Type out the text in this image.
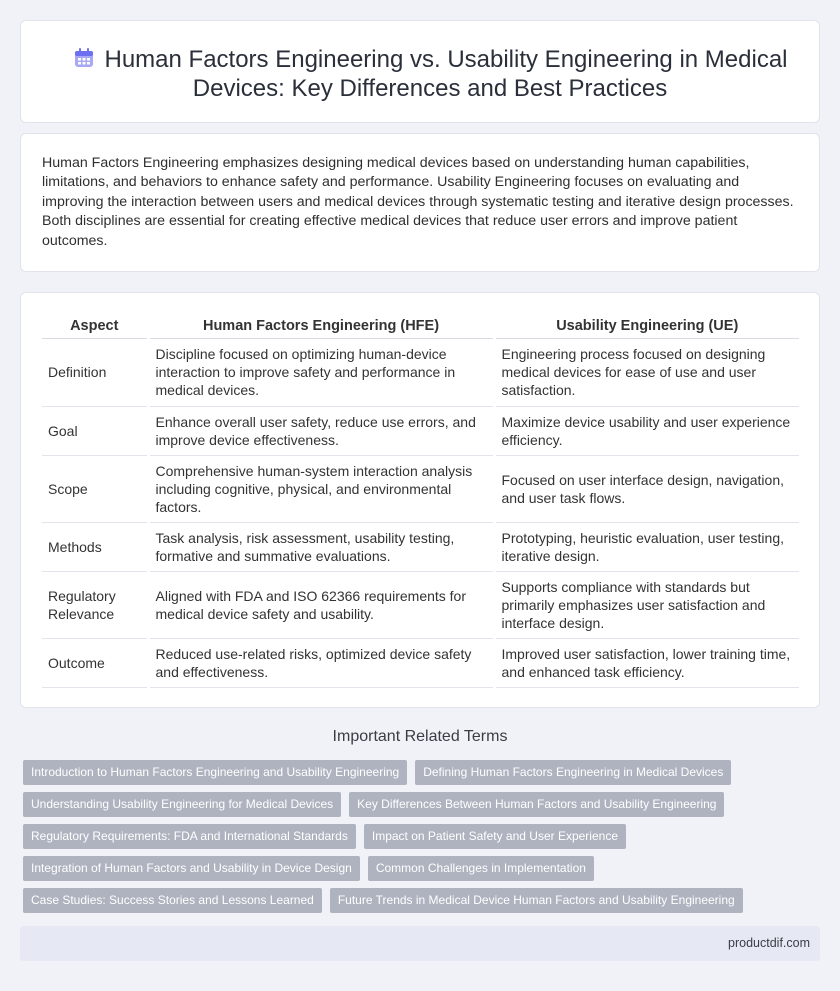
Human Factors Engineering vs. Usability Engineering in Medical Devices: Key Differences and Best Practices

Human Factors Engineering emphasizes designing medical devices based on understanding human capabilities, limitations, and behaviors to enhance safety and performance. Usability Engineering focuses on evaluating and improving the interaction between users and medical devices through systematic testing and iterative design processes. Both disciplines are essential for creating effective medical devices that reduce user errors and improve patient outcomes.

Aspect	Human Factors Engineering (HFE)	Usability Engineering (UE)
Definition	Discipline focused on optimizing human-device interaction to improve safety and performance in medical devices.	Engineering process focused on designing medical devices for ease of use and user satisfaction.
Goal	Enhance overall user safety, reduce use errors, and improve device effectiveness.	Maximize device usability and user experience efficiency.
Scope	Comprehensive human-system interaction analysis including cognitive, physical, and environmental factors.	Focused on user interface design, navigation, and user task flows.
Methods	Task analysis, risk assessment, usability testing, formative and summative evaluations.	Prototyping, heuristic evaluation, user testing, iterative design.
Regulatory Relevance	Aligned with FDA and ISO 62366 requirements for medical device safety and usability.	Supports compliance with standards but primarily emphasizes user satisfaction and interface design.
Outcome	Reduced use-related risks, optimized device safety and effectiveness.	Improved user satisfaction, lower training time, and enhanced task efficiency.
Important Related Terms
Introduction to Human Factors Engineering and Usability Engineering	Defining Human Factors Engineering in Medical Devices
Understanding Usability Engineering for Medical Devices	Key Differences Between Human Factors and Usability Engineering
Regulatory Requirements: FDA and International Standards	Impact on Patient Safety and User Experience
Integration of Human Factors and Usability in Device Design	Common Challenges in Implementation
Case Studies: Success Stories and Lessons Learned	Future Trends in Medical Device Human Factors and Usability Engineering
productdif.com
